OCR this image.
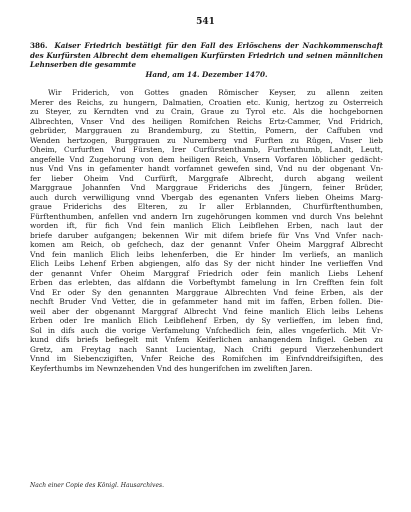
541
386. Kaiser Friedrich bestätigt für den Fall des Erlöschens der Nachkommenschaft des Kurfürsten Albrecht dem ehemaligen Kurfürsten Friedrich und seinen männlichen Lehnserben die gesammte
Hand, am 14. Dezember 1470.
Wir Friderich, von Gottes gnaden Römischer Keyser, zu allenn zeiten
Merer des Reichs, zu hungern, Dalmatien, Croatien etc. Kunig, hertzog zu Osterreich
zu Steyer, zu Kerndten vnd zu Crain, Graue zu Tyrol etc. Als die hochgebornen
Albrechten, Vnser Vnd des heiligen Romifchen Reichs Ertz-Cammer, Vnd Fridrich,
gebrüder, Marggrauen zu Brandemburg, zu Stettin, Pomern, der Caffuben vnd
Wenden hertzogen, Burggrauen zu Nuremberg vnd Furften zu Rügen, Vnser lieb
Oheim, Curfurften Vnd Fürsten, Irer Curfürstenthamb, Furftenthumb, Landt, Leutt,
angefelle Vnd Zugehorung von dem heiligen Reich, Vnsern Vorfaren löblicher gedächt-
nus Vnd Vns in gefamenter handt vorfamnet gewefen sind, Vnd nu der obgenant Vn-
fer lieber Oheim Vnd Curfürft, Marggrafe Albrecht, durch abgang weilent
Marggraue Johannfen Vnd Marggraue Friderichs des Jüngern, feiner Brüder,
auch durch verwilligung vnnd Vbergab des egenanten Vnfers lieben Oheims Marg-
graue Friderichs des Elteren, zu Ir aller Erblannden, Churfürftenthumben,
Fürftenthumben, anfellen vnd andern Irn zugehörungen kommen vnd durch Vns belehnt
worden ift, für fich Vnd fein manlich Elich Leibflehen Erben, nach laut der
briefe daruber aufgangen; bekennen Wir mit difem briefe für Vns Vnd Vnfer nach-
komen am Reich, ob gefchech, daz der genannt Vnfer Oheim Marggraf Albrecht
Vnd fein manlich Elich leibs lehenferben, die Er hinder Im verliefs, an manlich
Elich Leibs Lehenf Erben abgiengen, alfo das Sy der nicht hinder Ine verlieffen Vnd
der genannt Vnfer Oheim Marggraf Friedrich oder fein manlich Liebs Lehenf
Erben das erlebten, das alfdann die Vorbeftymbt famelung in Irn Crefften fein folt
Vnd Er oder Sy den genannten Marggraue Albrechten Vnd feine Erben, als der
nechft Bruder Vnd Vetter, die in gefammeter hand mit im faffen, Erben follen. Die-
weil aber der obgenannt Marggraf Albrecht Vnd feine manlich Elich leibs Lehens
Erben oder Ire manlich Elich Leibflehenf Erben, dy Sy verlieffen, im leben find,
Sol in difs auch die vorige Verfamelung Vnfchedlich fein, alles vngeferlich. Mit Vr-
kund difs briefs befiegelt mit Vnfem Keiferlichen anhangendem Infigel. Geben zu
Gretz, am Freytag nach Sannt Lucientag, Nach Crifti gepurd Vierzehenhundert
Vnnd im Siebenczigiften, Vnfer Reiche des Romifchen im Einfvnddreifsigiften, des
Keyferthumbs im Newnzehenden Vnd des hungerifchen im zweliften Jaren.
Nach einer Copie des Königl. Hausarchives.
